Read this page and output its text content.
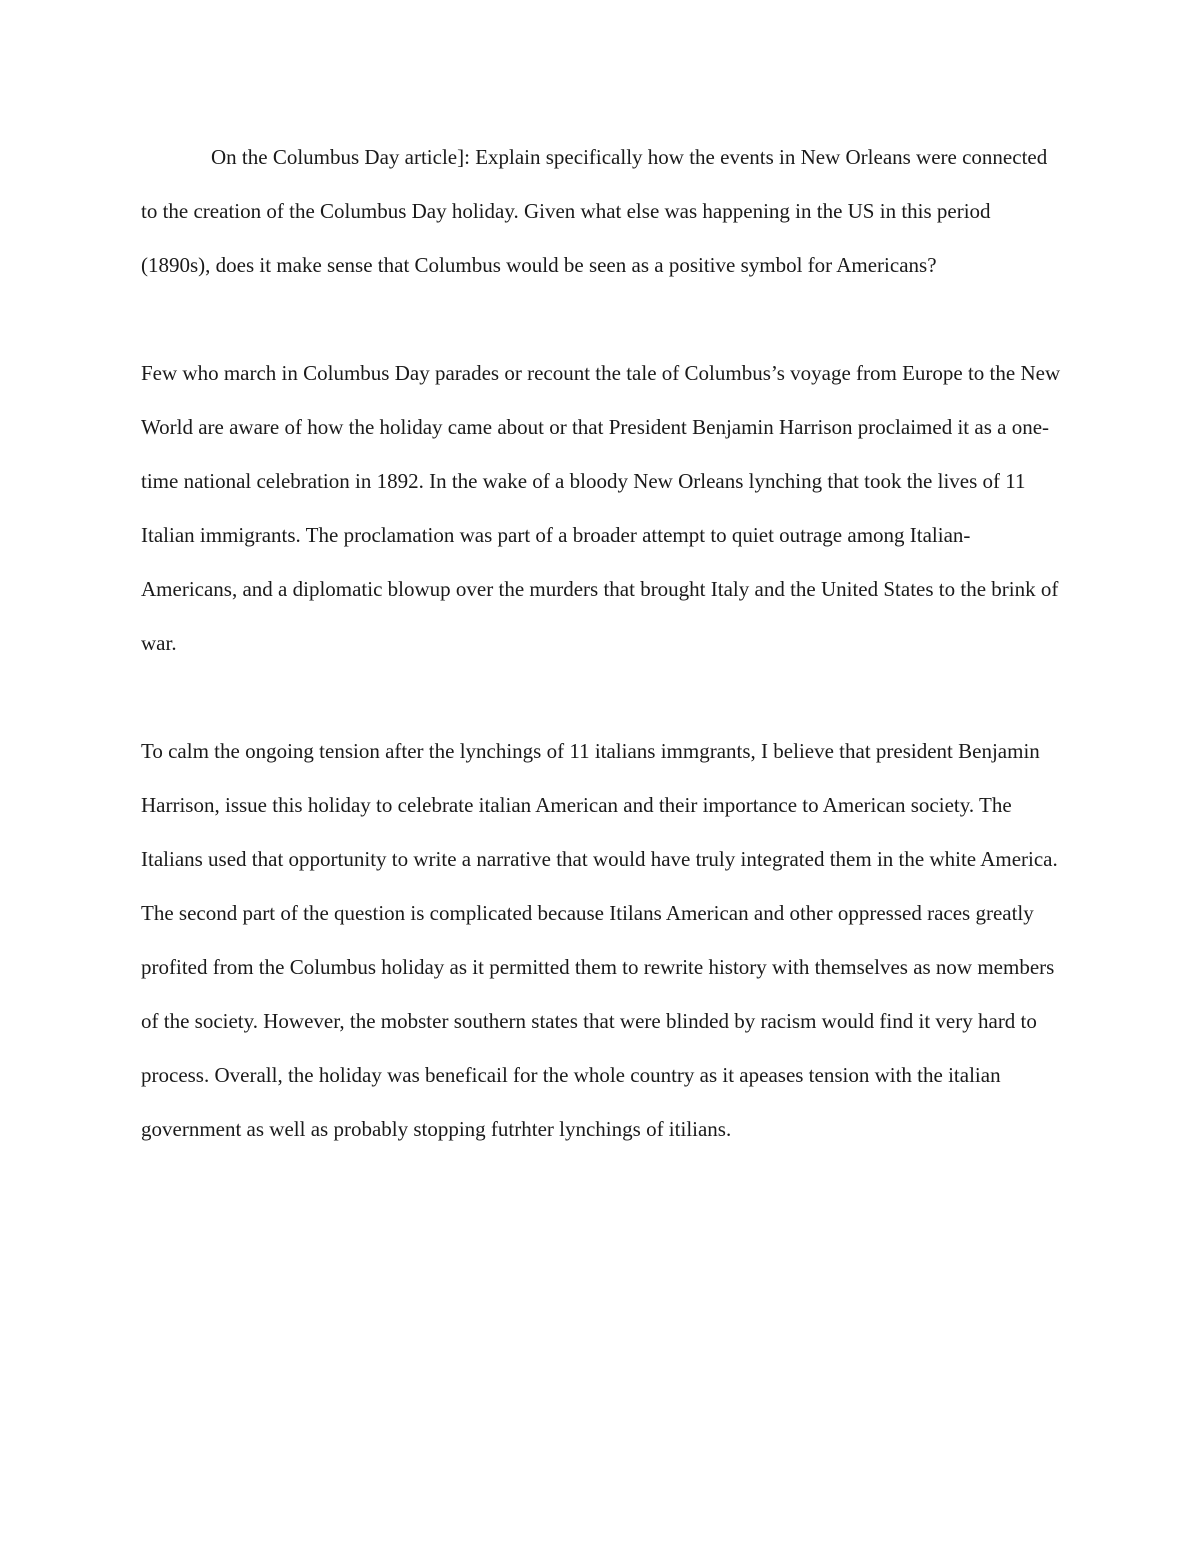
On the Columbus Day article]: Explain specifically how the events in New Orleans were connected to the creation of the Columbus Day holiday. Given what else was happening in the US in this period (1890s), does it make sense that Columbus would be seen as a positive symbol for Americans?

Few who march in Columbus Day parades or recount the tale of Columbus’s voyage from Europe to the New World are aware of how the holiday came about or that President Benjamin Harrison proclaimed it as a one-time national celebration in 1892. In the wake of a bloody New Orleans lynching that took the lives of 11 Italian immigrants. The proclamation was part of a broader attempt to quiet outrage among Italian-Americans, and a diplomatic blowup over the murders that brought Italy and the United States to the brink of war.

To calm the ongoing tension after the lynchings of 11 italians immgrants, I believe that president Benjamin Harrison, issue this holiday to celebrate italian American and their importance to American society. The Italians used that opportunity to write a narrative that would have truly integrated them in the white America.

The second part of the question is complicated because Itilans American and other oppressed races greatly profited from the Columbus holiday as it permitted them to rewrite history with themselves as now members of the society. However, the mobster southern states that were blinded by racism would find it very hard to process. Overall, the holiday was beneficail for the whole country as it apeases tension with the italian government as well as probably stopping futrhter lynchings of itilians.
